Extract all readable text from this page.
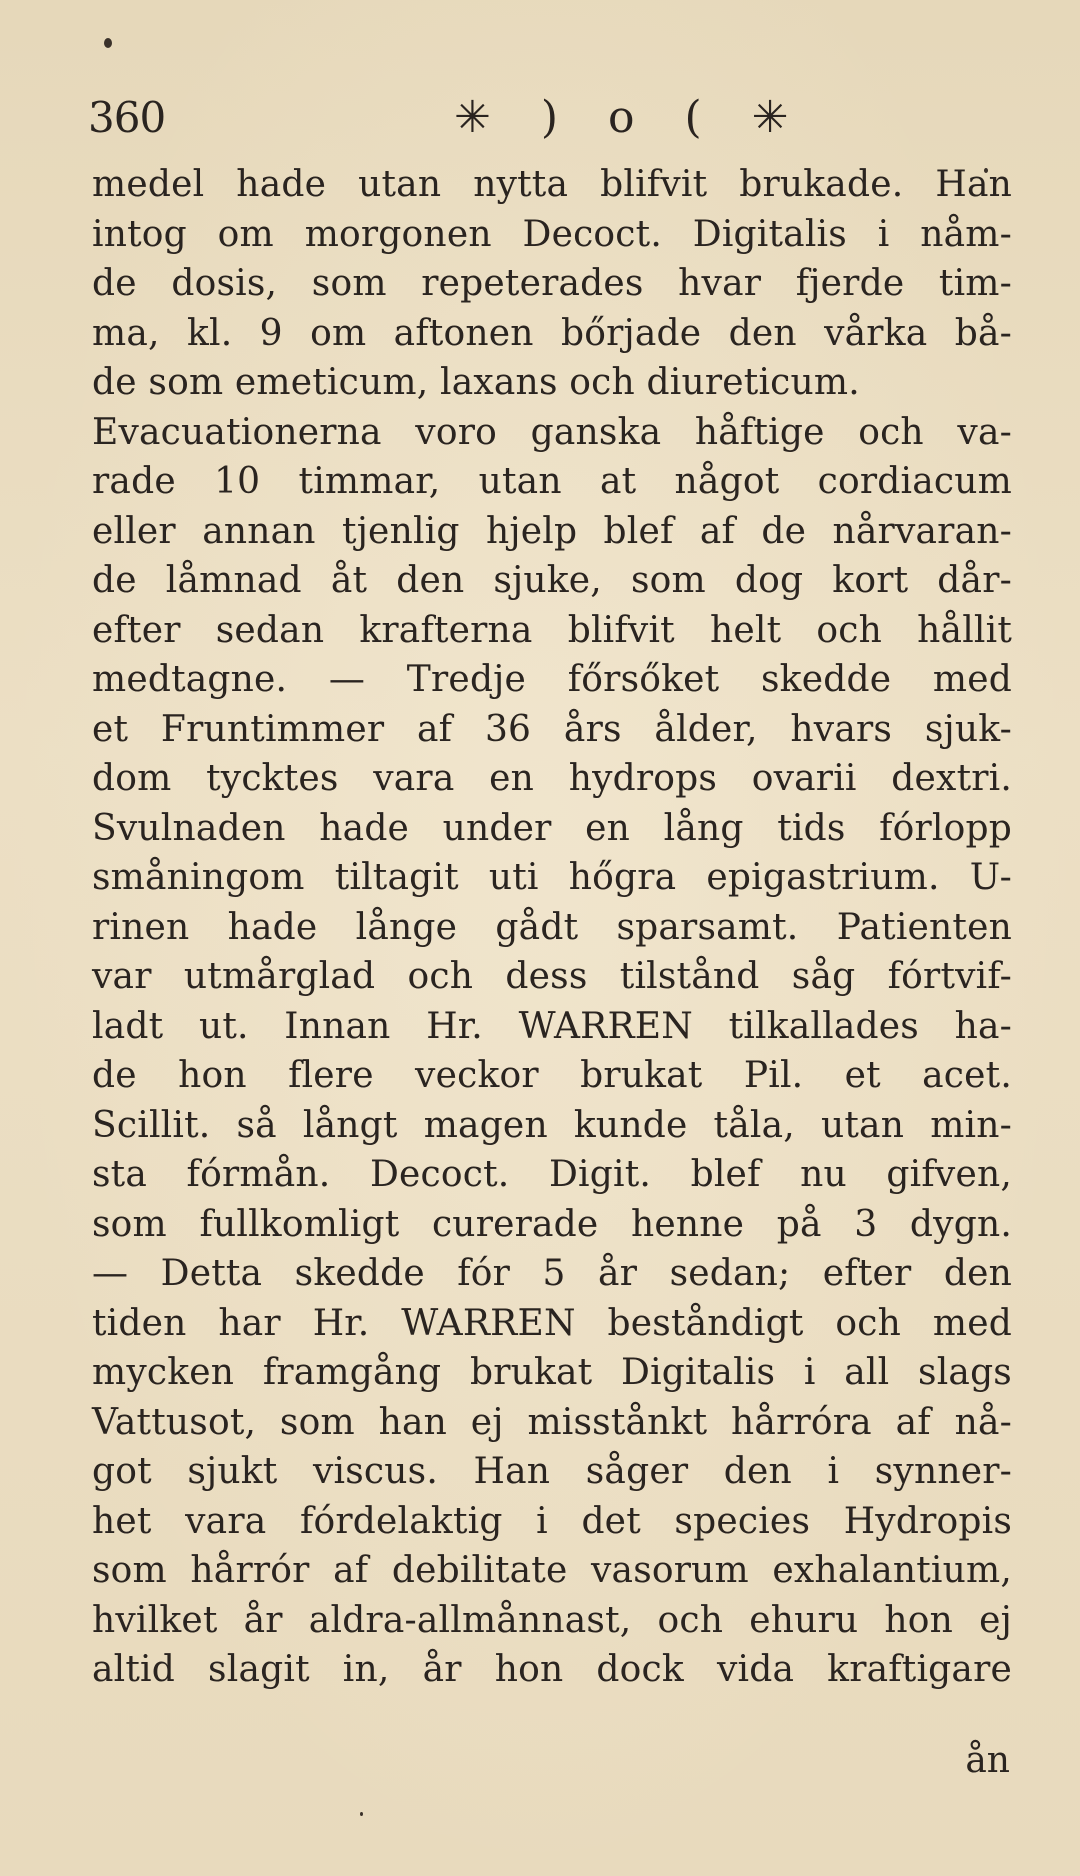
360	✳ ) o ( ✳
medel hade utan nytta blifvit brukade. Han
intog om morgonen Decoct. Digitalis i nåm-
de dosis, som repeterades hvar fjerde tim-
ma, kl. 9 om aftonen bőrjade den vårka bå-
de som emeticum, laxans och diureticum.
Evacuationerna voro ganska håftige och va-
rade 10 timmar, utan at något cordiacum
eller annan tjenlig hjelp blef af de nårvaran-
de låmnad åt den sjuke, som dog kort dår-
efter sedan krafterna blifvit helt och hållit
medtagne. — Tredje főrsőket skedde med
et Fruntimmer af 36 års ålder, hvars sjuk-
dom tycktes vara en hydrops ovarii dextri.
Svulnaden hade under en lång tids fórlopp
småningom tiltagit uti hőgra epigastrium. U-
rinen hade långe gådt sparsamt. Patienten
var utmårglad och dess tilstånd såg fórtvif-
ladt ut. Innan Hr. WARREN tilkallades ha-
de hon flere veckor brukat Pil. et acet.
Scillit. så långt magen kunde tåla, utan min-
sta fórmån. Decoct. Digit. blef nu gifven,
som fullkomligt curerade henne på 3 dygn.
— Detta skedde fór 5 år sedan; efter den
tiden har Hr. WARREN beståndigt och med
mycken framgång brukat Digitalis i all slags
Vattusot, som han ej misstånkt hårróra af nå-
got sjukt viscus. Han såger den i synner-
het vara fórdelaktig i det species Hydropis
som hårrór af debilitate vasorum exhalantium,
hvilket år aldra-allmånnast, och ehuru hon ej
altid slagit in, år hon dock vida kraftigare
ån
